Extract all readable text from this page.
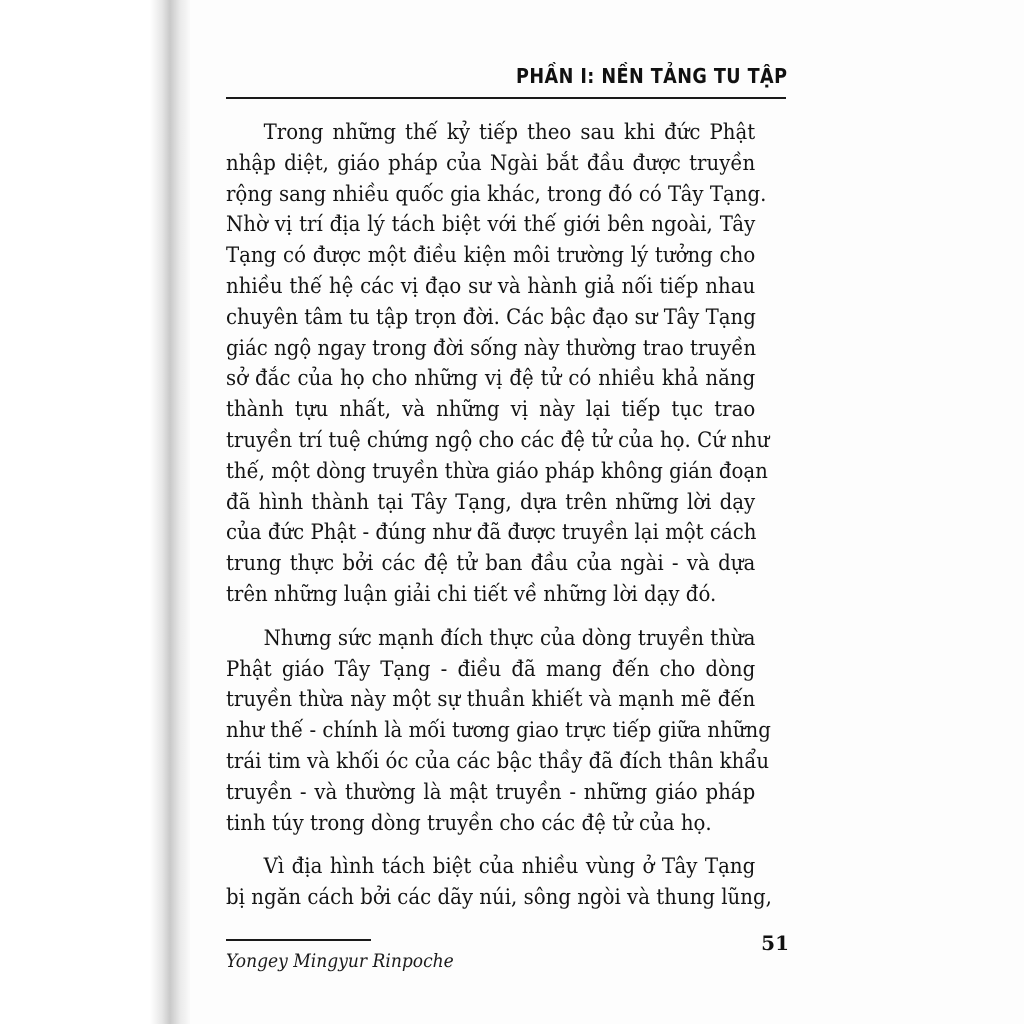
PHẦN I: NỀN TẢNG TU TẬP
Trong những thế kỷ tiếp theo sau khi đức Phật
nhập diệt, giáo pháp của Ngài bắt đầu được truyền
rộng sang nhiều quốc gia khác, trong đó có Tây Tạng.
Nhờ vị trí địa lý tách biệt với thế giới bên ngoài, Tây
Tạng có được một điều kiện môi trường lý tưởng cho
nhiều thế hệ các vị đạo sư và hành giả nối tiếp nhau
chuyên tâm tu tập trọn đời. Các bậc đạo sư Tây Tạng
giác ngộ ngay trong đời sống này thường trao truyền
sở đắc của họ cho những vị đệ tử có nhiều khả năng
thành tựu nhất, và những vị này lại tiếp tục trao
truyền trí tuệ chứng ngộ cho các đệ tử của họ. Cứ như
thế, một dòng truyền thừa giáo pháp không gián đoạn
đã hình thành tại Tây Tạng, dựa trên những lời dạy
của đức Phật - đúng như đã được truyền lại một cách
trung thực bởi các đệ tử ban đầu của ngài - và dựa
trên những luận giải chi tiết về những lời dạy đó.
Nhưng sức mạnh đích thực của dòng truyền thừa
Phật giáo Tây Tạng - điều đã mang đến cho dòng
truyền thừa này một sự thuần khiết và mạnh mẽ đến
như thế - chính là mối tương giao trực tiếp giữa những
trái tim và khối óc của các bậc thầy đã đích thân khẩu
truyền - và thường là mật truyền - những giáo pháp
tinh túy trong dòng truyền cho các đệ tử của họ.
Vì địa hình tách biệt của nhiều vùng ở Tây Tạng
bị ngăn cách bởi các dãy núi, sông ngòi và thung lũng,
51
Yongey Mingyur Rinpoche
